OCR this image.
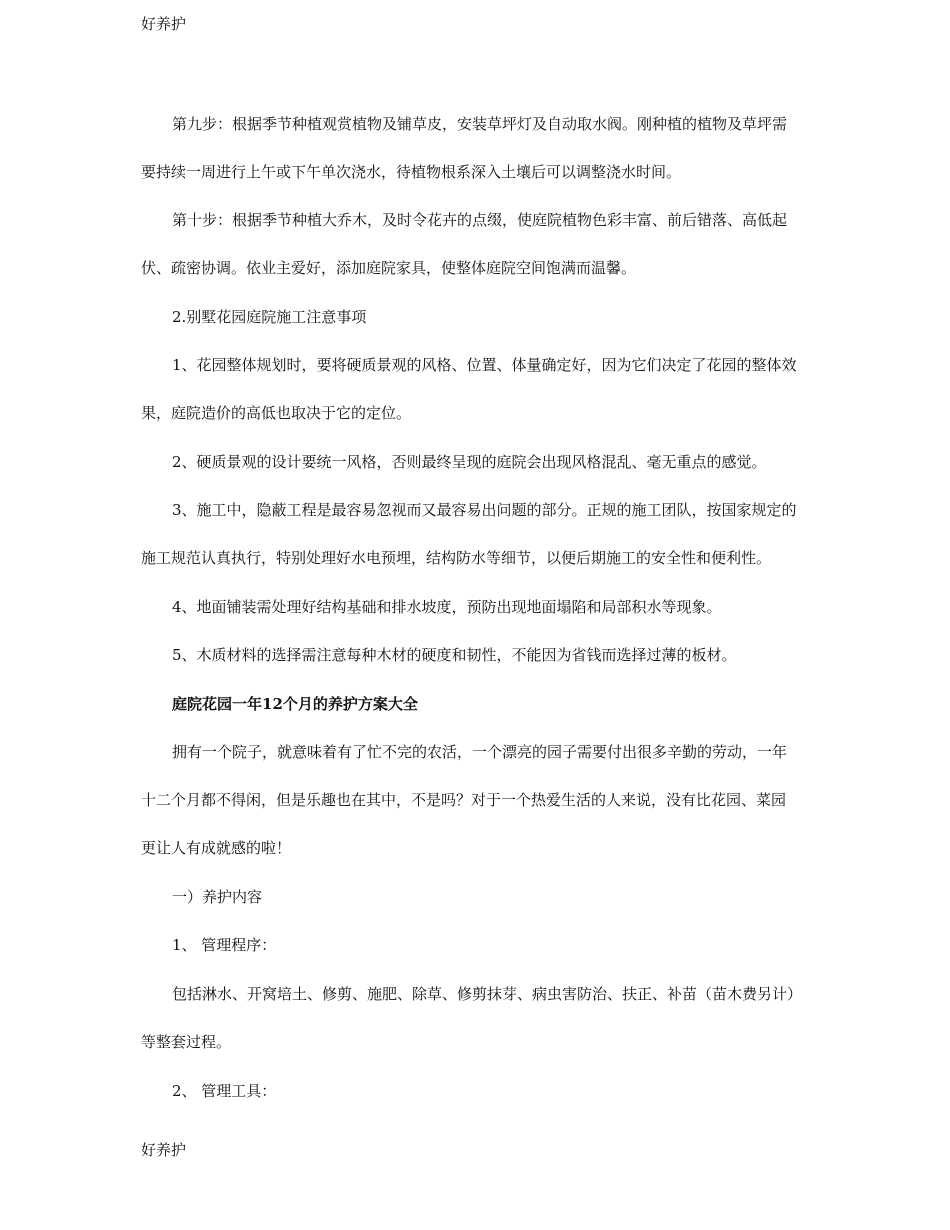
好养护
第九步：根据季节种植观赏植物及铺草皮，安装草坪灯及自动取水阀。刚种植的植物及草坪需
要持续一周进行上午或下午单次浇水，待植物根系深入土壤后可以调整浇水时间。
第十步：根据季节种植大乔木，及时令花卉的点缀，使庭院植物色彩丰富、前后错落、高低起
伏、疏密协调。依业主爱好，添加庭院家具，使整体庭院空间饱满而温馨。
2.别墅花园庭院施工注意事项
1、花园整体规划时，要将硬质景观的风格、位置、体量确定好，因为它们决定了花园的整体效
果，庭院造价的高低也取决于它的定位。
2、硬质景观的设计要统一风格，否则最终呈现的庭院会出现风格混乱、毫无重点的感觉。
3、施工中，隐蔽工程是最容易忽视而又最容易出问题的部分。正规的施工团队，按国家规定的
施工规范认真执行，特别处理好水电预埋，结构防水等细节，以便后期施工的安全性和便利性。
4、地面铺装需处理好结构基础和排水坡度，预防出现地面塌陷和局部积水等现象。
5、木质材料的选择需注意每种木材的硬度和韧性，不能因为省钱而选择过薄的板材。
庭院花园一年12个月的养护方案大全
拥有一个院子，就意味着有了忙不完的农活，一个漂亮的园子需要付出很多辛勤的劳动，一年
十二个月都不得闲，但是乐趣也在其中，不是吗？对于一个热爱生活的人来说，没有比花园、菜园
更让人有成就感的啦！
一）养护内容
1、 管理程序：
包括淋水、开窝培土、修剪、施肥、除草、修剪抹芽、病虫害防治、扶正、补苗（苗木费另计）
等整套过程。
2、 管理工具：
好养护
